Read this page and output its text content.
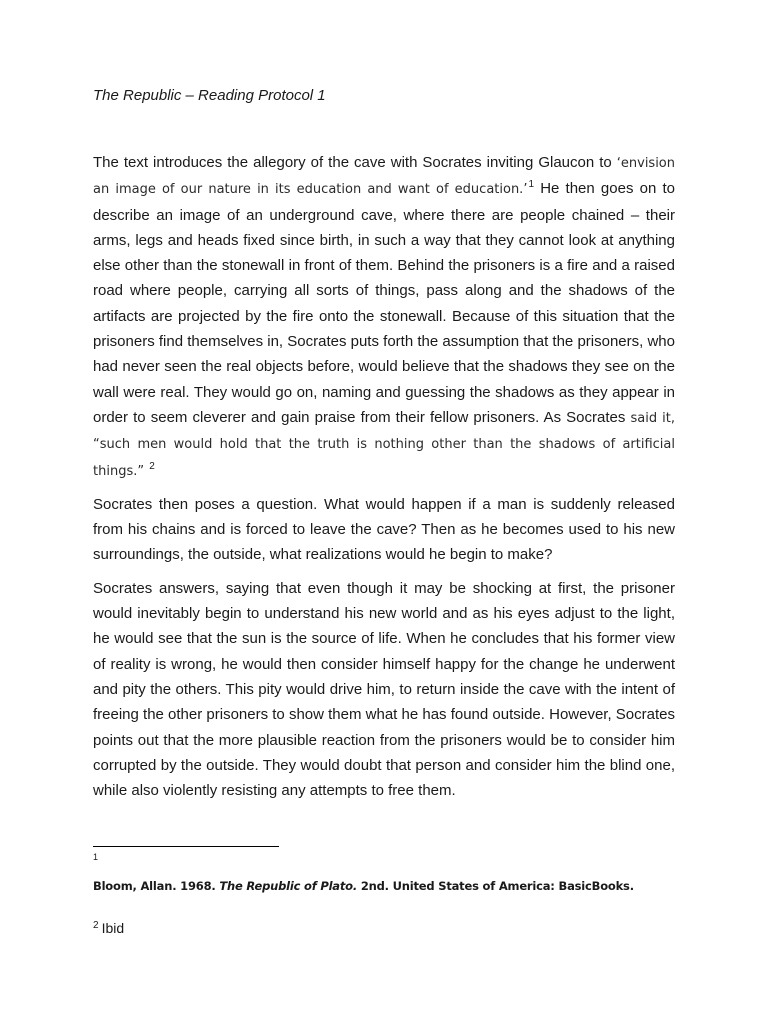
The Republic – Reading Protocol 1

The text introduces the allegory of the cave with Socrates inviting Glaucon to ‘envision an image of our nature in its education and want of education.’$^1$ He then goes on to describe an image of an underground cave, where there are people chained – their arms, legs and heads fixed since birth, in such a way that they cannot look at anything else other than the stonewall in front of them. Behind the prisoners is a fire and a raised road where people, carrying all sorts of things, pass along and the shadows of the artifacts are projected by the fire onto the stonewall. Because of this situation that the prisoners find themselves in, Socrates puts forth the assumption that the prisoners, who had never seen the real objects before, would believe that the shadows they see on the wall were real. They would go on, naming and guessing the shadows as they appear in order to seem cleverer and gain praise from their fellow prisoners. As Socrates said it, “such men would hold that the truth is nothing other than the shadows of artificial things.” $^2$

Socrates then poses a question. What would happen if a man is suddenly released from his chains and is forced to leave the cave? Then as he becomes used to his new surroundings, the outside, what realizations would he begin to make?

Socrates answers, saying that even though it may be shocking at first, the prisoner would inevitably begin to understand his new world and as his eyes adjust to the light, he would see that the sun is the source of life. When he concludes that his former view of reality is wrong, he would then consider himself happy for the change he underwent and pity the others. This pity would drive him, to return inside the cave with the intent of freeing the other prisoners to show them what he has found outside. However, Socrates points out that the more plausible reaction from the prisoners would be to consider him corrupted by the outside. They would doubt that person and consider him the blind one, while also violently resisting any attempts to free them.

1
Bloom, Allan. 1968. The Republic of Plato. 2nd. United States of America: BasicBooks.
$^2$ Ibid
